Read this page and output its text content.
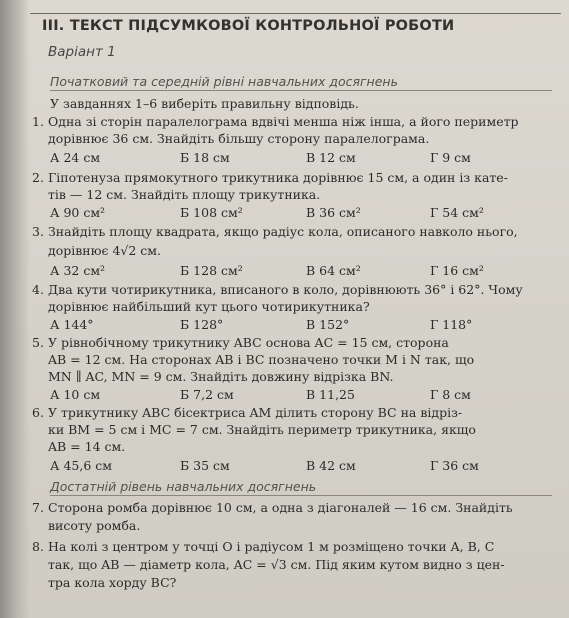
III. ТЕКСТ ПІДСУМКОВОЇ КОНТРОЛЬНОЇ РОБОТИ
Варіант 1
Початковий та середній рівні навчальних досягнень
У завданнях 1–6 виберіть правильну відповідь.
1. Одна зі сторін паралелограма вдвічі менша ніж інша, а його периметр
дорівнює 36 см. Знайдіть більшу сторону паралелограма.
А 24 см	Б 18 см	В 12 см	Г 9 см
2. Гіпотенуза прямокутного трикутника дорівнює 15 см, а один із кате-
тів — 12 см. Знайдіть площу трикутника.
А 90 см²	Б 108 см²	В 36 см²	Г 54 см²
3. Знайдіть площу квадрата, якщо радіус кола, описаного навколо нього,
дорівнює 4√2 см.
А 32 см²	Б 128 см²	В 64 см²	Г 16 см²
4. Два кути чотирикутника, вписаного в коло, дорівнюють 36° і 62°. Чому
дорівнює найбільший кут цього чотирикутника?
А 144°	Б 128°	В 152°	Г 118°
5. У рівнобічному трикутнику ABC основа AC = 15 см, сторона
AB = 12 см. На сторонах AB і BC позначено точки M і N так, що
MN ∥ AC, MN = 9 см. Знайдіть довжину відрізка BN.
А 10 см	Б 7,2 см	В 11,25	Г 8 см
6. У трикутнику ABC бісектриса AM ділить сторону BC на відріз-
ки BM = 5 см і MC = 7 см. Знайдіть периметр трикутника, якщо
AB = 14 см.
А 45,6 см	Б 35 см	В 42 см	Г 36 см
Достатній рівень навчальних досягнень
7. Сторона ромба дорівнює 10 см, а одна з діагоналей — 16 см. Знайдіть
висоту ромба.
8. На колі з центром у точці O і радіусом 1 м розміщено точки A, B, C
так, що AB — діаметр кола, AC = √3 см. Під яким кутом видно з цен-
тра кола хорду BC?
